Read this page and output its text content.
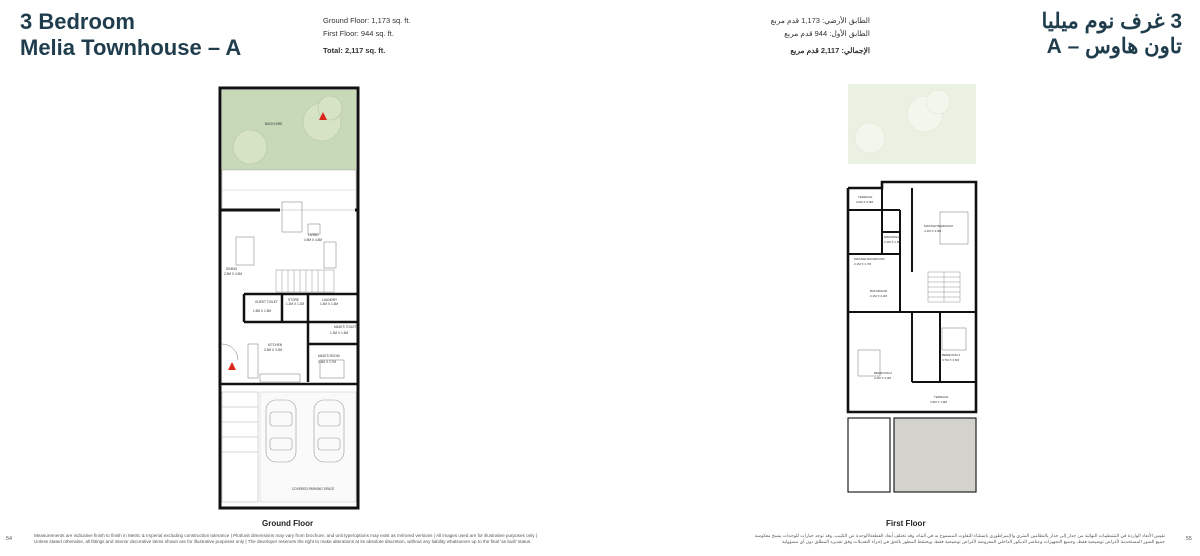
3 Bedroom
Melia Townhouse – A
Ground Floor: 1,173 sq. ft.
First Floor: 944 sq. ft.
Total: 2,117 sq. ft.
3 غرف نوم ميليا
تاون هاوس – A
الطابق الأرضي: 1,173 قدم مربع
الطابق الأول: 944 قدم مربع
الإجمالي: 2,117 قدم مربع
BACKYARD
LIVING
4.9M X 4.8M
DINING
2.9M X 4.9M
GUEST TOILET
1.5M X 1.5M
STORE
1.2M X 1.2M
LAUNDRY
1.4M X 1.6M
MAID'S TOILET
1.3M X 1.6M
KITCHEN
3.3M X 3.2M
MAID'S ROOM
2.6M X 2.7M
COVERED PARKING SPACE
TERRACE
2.0M X 0.9M
MASTER BEDROOM
4.1M X 4.3M
DRESSING
2.1M X 1.8M
MASTER BATHROOM
2.1M X 1.7M
BATHROOM
2.1M X 2.2M
BEDROOM 3
3.7M X 3.5M
BEDROOM 2
3.1M X 4.3M
TERRACE
3.9M X 1.8M
Ground Floor	First Floor
Measurements are indicative finish to finish in Metric & Imperial excluding construction tolerance | Plot/unit dimensions may vary from brochure, and unit type/options may exist as mirrored versions | All images used are for illustrative purposes only |
Unless stated otherwise, all fittings and interior decorative items shown are for illustrative purposes only | The developer reserves the right to make alterations at its absolute discretion, without any liability whatsoever up to the final 'as built' status.
تقيس الأبعاد الواردة في التشطيبات النهائية من جدار إلى جدار بالنظامين المتري والإمبراطوري باستثناء التفاوت المسموح به في البناء، وقد تختلف أبعاد القطعة/الوحدة عن الكتيب، وقد توجد خيارات للوحدات بنسخ معكوسة
جميع الصور المستخدمة لأغراض توضيحية فقط، وجميع التجهيزات وعناصر الديكور الداخلي المعروضة لأغراض توضيحية فقط، ويحتفظ المطور بالحق في إجراء التعديلات وفق تقديره المطلق دون أي مسؤولية
54	55
